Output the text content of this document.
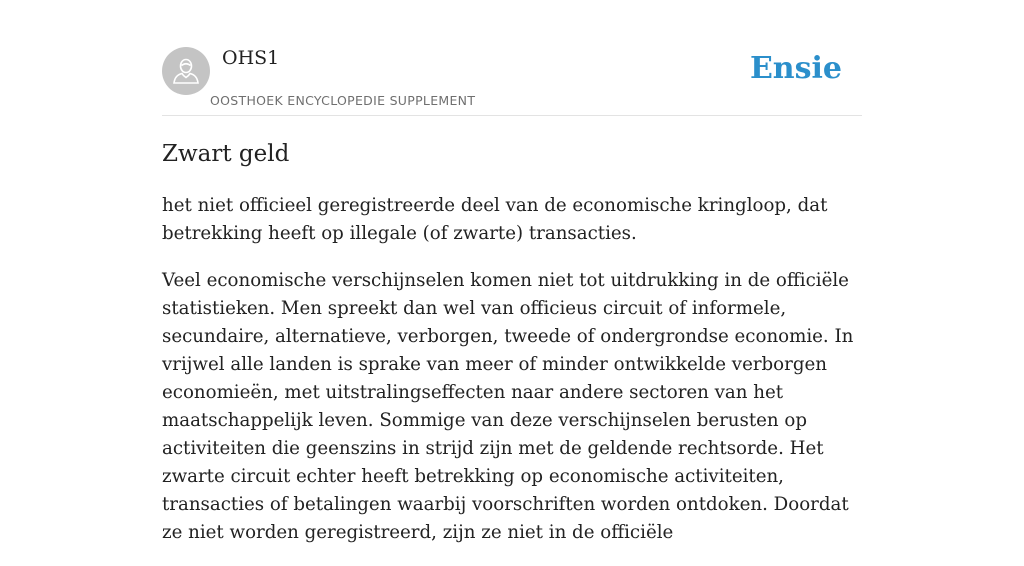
OHS1
OOSTHOEK ENCYCLOPEDIE SUPPLEMENT
Ensie
Zwart geld

het niet officieel geregistreerde deel van de economische kringloop, dat betrekking heeft op illegale (of zwarte) transacties.

Veel economische verschijnselen komen niet tot uitdrukking in de officiële statistieken. Men spreekt dan wel van officieus circuit of informele, secundaire, alternatieve, verborgen, tweede of ondergrondse economie. In vrijwel alle landen is sprake van meer of minder ontwikkelde verborgen economieën, met uitstralingseffecten naar andere sectoren van het maatschappelijk leven. Sommige van deze verschijnselen berusten op activiteiten die geenszins in strijd zijn met de geldende rechtsorde. Het zwarte circuit echter heeft betrekking op economische activiteiten, transacties of betalingen waarbij voorschriften worden ontdoken. Doordat ze niet worden geregistreerd, zijn ze niet in de officiële
